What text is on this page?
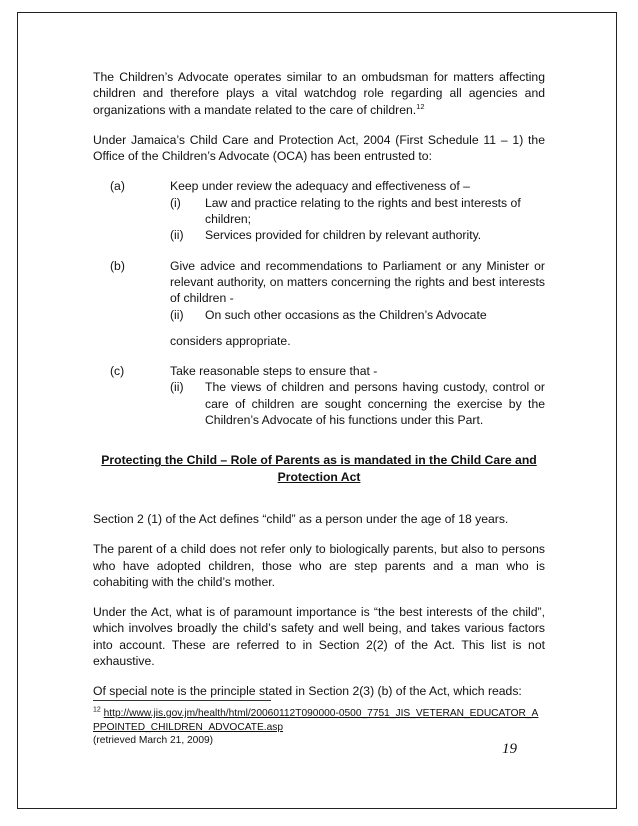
The Children’s Advocate operates similar to an ombudsman for matters affecting children and therefore plays a vital watchdog role regarding all agencies and organizations with a mandate related to the care of children.$^{12}$

Under Jamaica’s Child Care and Protection Act, 2004 (First Schedule 11 – 1) the Office of the Children’s Advocate (OCA) has been entrusted to:

(a)	Keep under review the adequacy and effectiveness of –

(i) Law and practice relating to the rights and best interests of children;

(ii) Services provided for children by relevant authority.

(b)	Give advice and recommendations to Parliament or any Minister or relevant authority, on matters concerning the rights and best interests of children -

(ii) On such other occasions as the Children’s Advocate

considers appropriate.

(c)	Take reasonable steps to ensure that -

(ii) The views of children and persons having custody, control or care of children are sought concerning the exercise by the Children’s Advocate of his functions under this Part.

Protecting the Child – Role of Parents as is mandated in the Child Care and Protection Act

Section 2 (1) of the Act defines “child” as a person under the age of 18 years.

The parent of a child does not refer only to biologically parents, but also to persons who have adopted children, those who are step parents and a man who is cohabiting with the child’s mother.

Under the Act, what is of paramount importance is “the best interests of the child”, which involves broadly the child’s safety and well being, and takes various factors into account. These are referred to in Section 2(2) of the Act. This list is not exhaustive.

Of special note is the principle stated in Section 2(3) (b) of the Act, which reads:

$^{12}$ http://www.jis.gov.jm/health/html/20060112T090000-0500_7751_JIS_VETERAN_EDUCATOR_APPOINTED_CHILDREN_ADVOCATE.asp
(retrieved March 21, 2009)
19
